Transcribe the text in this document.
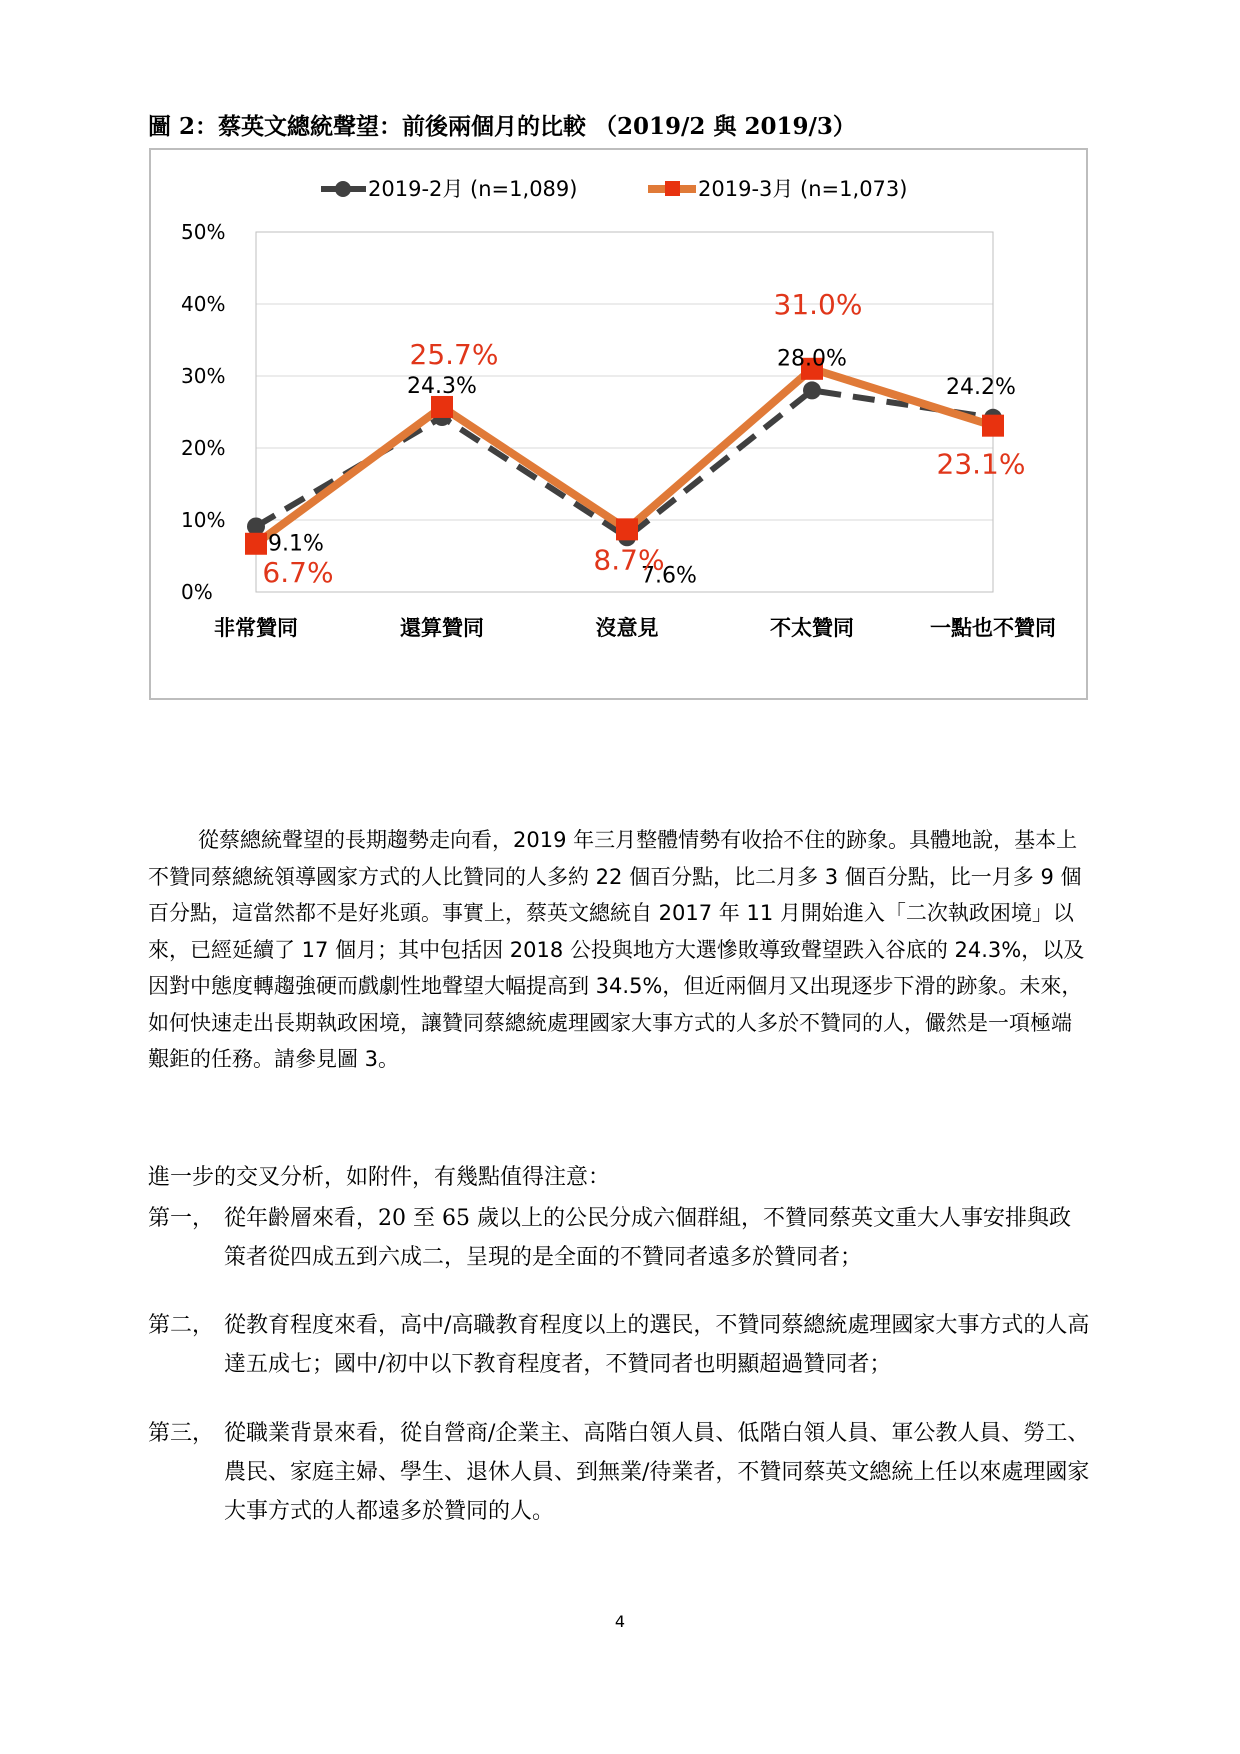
圖 2：蔡英文總統聲望：前後兩個月的比較 （2019/2 與 2019/3）
0%
10%
20%
30%
40%
50%
非常贊同	還算贊同	沒意見	不太贊同	一點也不贊同
9.1%
24.3%
7.6%
28.0%
24.2%
6.7%
25.7%
8.7%
31.0%
23.1%
2019-2月 (n=1,089)	2019-3月 (n=1,073)
從蔡總統聲望的長期趨勢走向看，2019 年三月整體情勢有收拾不住的跡象。具體地說，基本上不贊同蔡總統領導國家方式的人比贊同的人多約 22 個百分點，比二月多 3 個百分點，比一月多 9 個百分點，這當然都不是好兆頭。事實上，蔡英文總統自 2017 年 11 月開始進入「二次執政困境」以來，已經延續了 17 個月；其中包括因 2018 公投與地方大選慘敗導致聲望跌入谷底的 24.3%，以及因對中態度轉趨強硬而戲劇性地聲望大幅提高到 34.5%，但近兩個月又出現逐步下滑的跡象。未來，如何快速走出長期執政困境，讓贊同蔡總統處理國家大事方式的人多於不贊同的人，儼然是一項極端艱鉅的任務。請參見圖 3。
進一步的交叉分析，如附件，有幾點值得注意：
第一， 從年齡層來看，20 至 65 歲以上的公民分成六個群組，不贊同蔡英文重大人事安排與政策者從四成五到六成二，呈現的是全面的不贊同者遠多於贊同者；
第二， 從教育程度來看，高中/高職教育程度以上的選民，不贊同蔡總統處理國家大事方式的人高達五成七；國中/初中以下教育程度者，不贊同者也明顯超過贊同者；
第三， 從職業背景來看，從自營商/企業主、高階白領人員、低階白領人員、軍公教人員、勞工、農民、家庭主婦、學生、退休人員、到無業/待業者，不贊同蔡英文總統上任以來處理國家大事方式的人都遠多於贊同的人。
4
